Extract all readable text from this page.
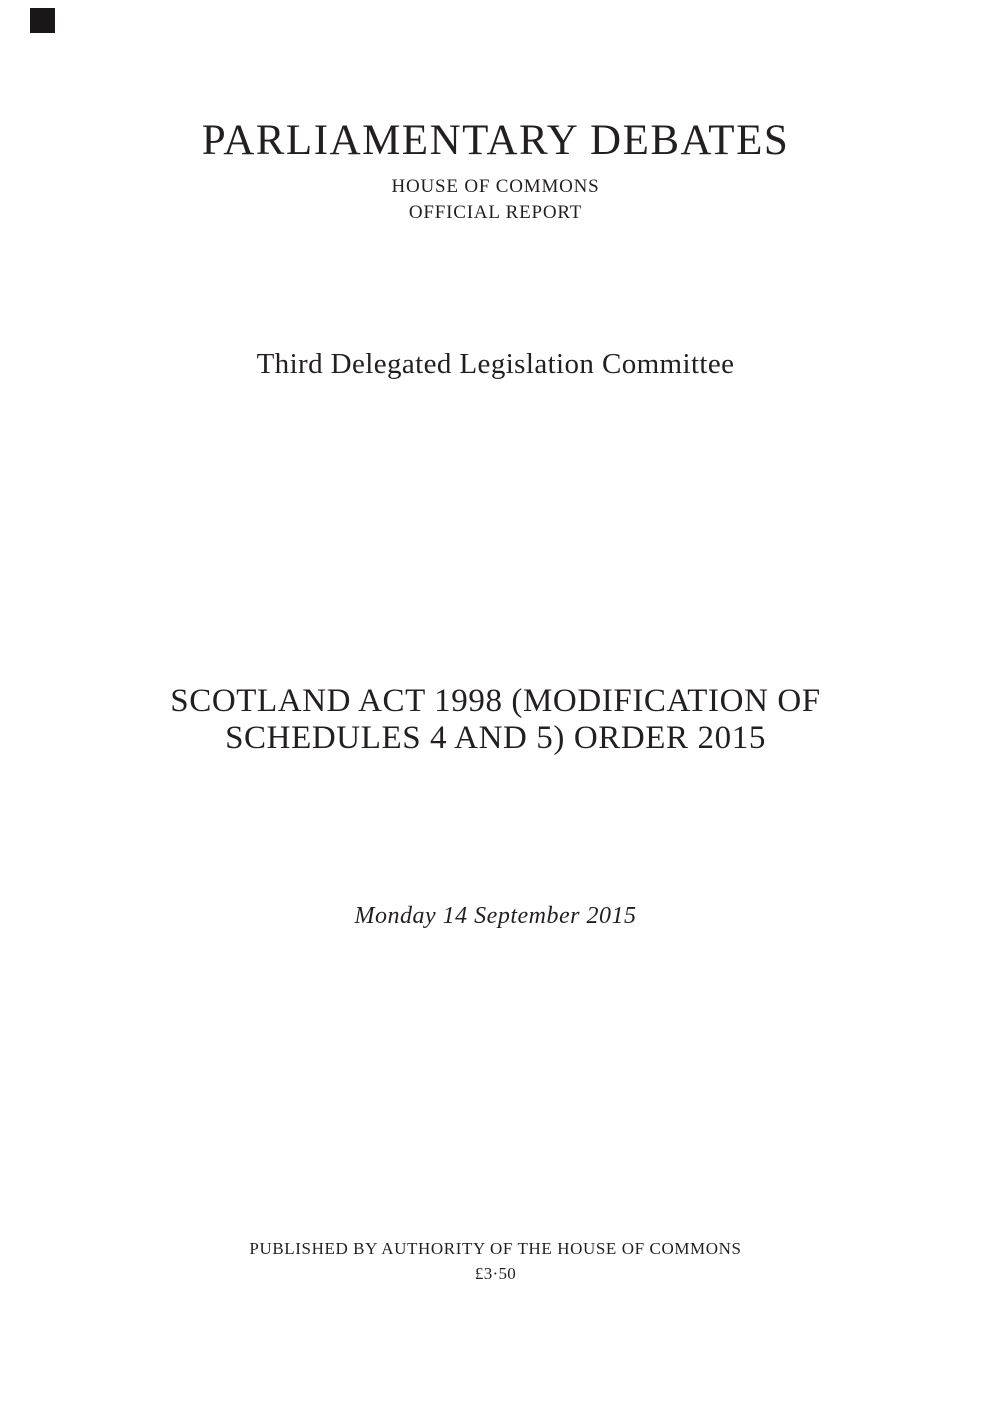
PARLIAMENTARY DEBATES
HOUSE OF COMMONS
OFFICIAL REPORT
Third Delegated Legislation Committee
SCOTLAND ACT 1998 (MODIFICATION OF
SCHEDULES 4 AND 5) ORDER 2015
Monday 14 September 2015
PUBLISHED BY AUTHORITY OF THE HOUSE OF COMMONS
£3·50
